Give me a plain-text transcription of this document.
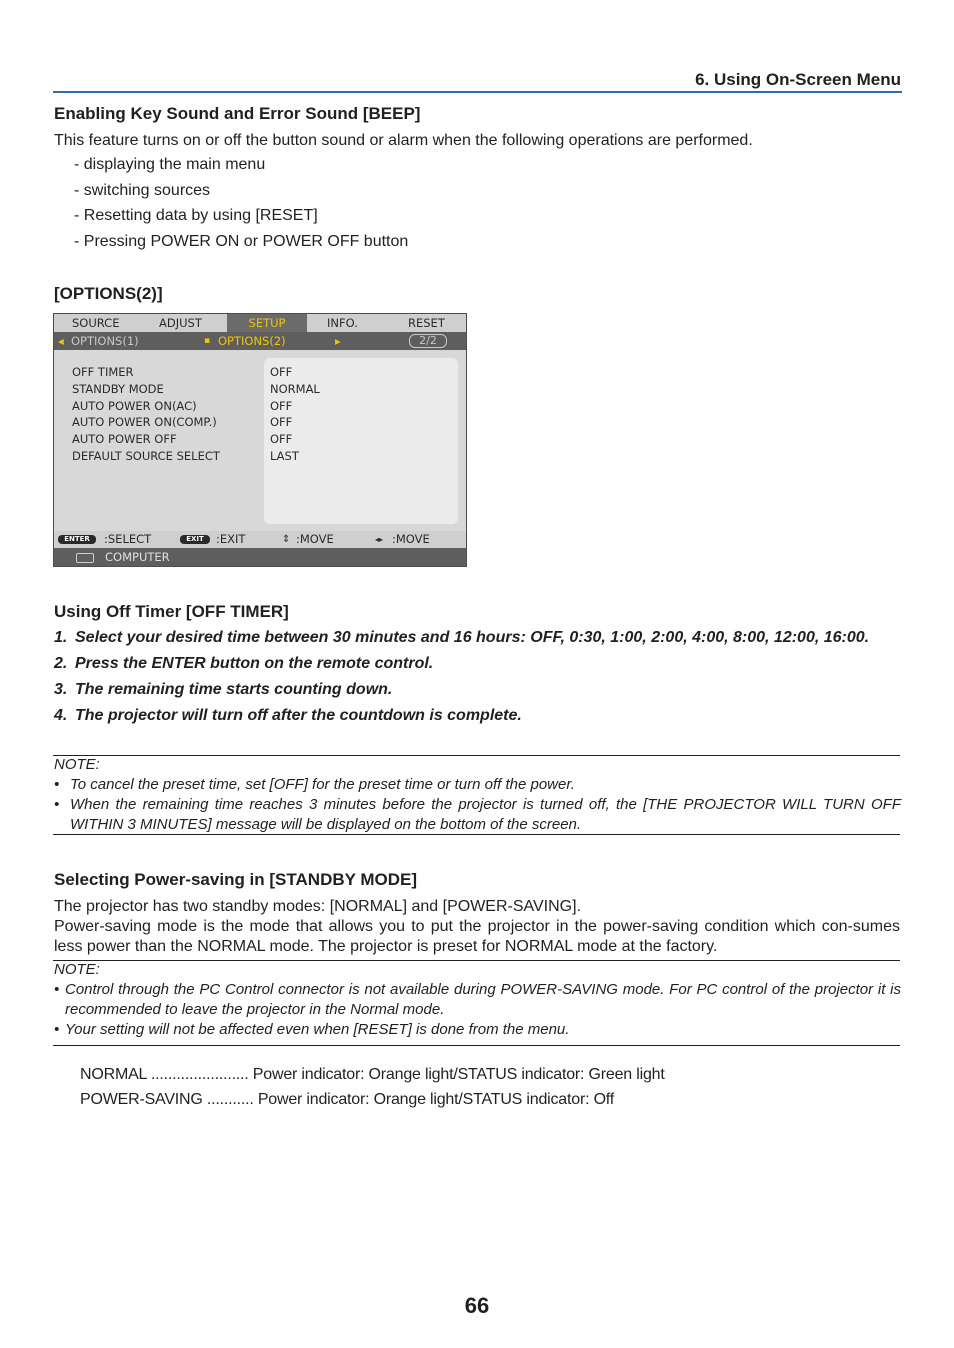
6. Using On-Screen Menu
Enabling Key Sound and Error Sound [BEEP]
This feature turns on or off the button sound or alarm when the following operations are performed.
- displaying the main menu
- switching sources
- Resetting data by using [RESET]
- Pressing POWER ON or POWER OFF button
[OPTIONS(2)]
SOURCE	ADJUST	SETUP	INFO.	RESET
◂ OPTIONS(1)	▪ OPTIONS(2)	▸	2/2
OFF TIMER	OFF
STANDBY MODE	NORMAL
AUTO POWER ON(AC)	OFF
AUTO POWER ON(COMP.)	OFF
AUTO POWER OFF	OFF
DEFAULT SOURCE SELECT	LAST
ENTER	:SELECT	EXIT	:EXIT	⇕ :MOVE	◂▸ :MOVE
COMPUTER
Using Off Timer [OFF TIMER]
1. Select your desired time between 30 minutes and 16 hours: OFF, 0:30, 1:00, 2:00, 4:00, 8:00, 12:00, 16:00.
2. Press the ENTER button on the remote control.
3. The remaining time starts counting down.
4. The projector will turn off after the countdown is complete.
NOTE:
• To cancel the preset time, set [OFF] for the preset time or turn off the power.
• When the remaining time reaches 3 minutes before the projector is turned off, the [THE PROJECTOR WILL TURN OFF WITHIN 3 MINUTES] message will be displayed on the bottom of the screen.
Selecting Power-saving in [STANDBY MODE]
The projector has two standby modes: [NORMAL] and [POWER-SAVING].
Power-saving mode is the mode that allows you to put the projector in the power-saving condition which con-sumes less power than the NORMAL mode. The projector is preset for NORMAL mode at the factory.
NOTE:
• Control through the PC Control connector is not available during POWER-SAVING mode. For PC control of the projector it is recommended to leave the projector in the Normal mode.
• Your setting will not be affected even when [RESET] is done from the menu.
NORMAL ....................... Power indicator: Orange light/STATUS indicator: Green light
POWER-SAVING ........... Power indicator: Orange light/STATUS indicator: Off
66
